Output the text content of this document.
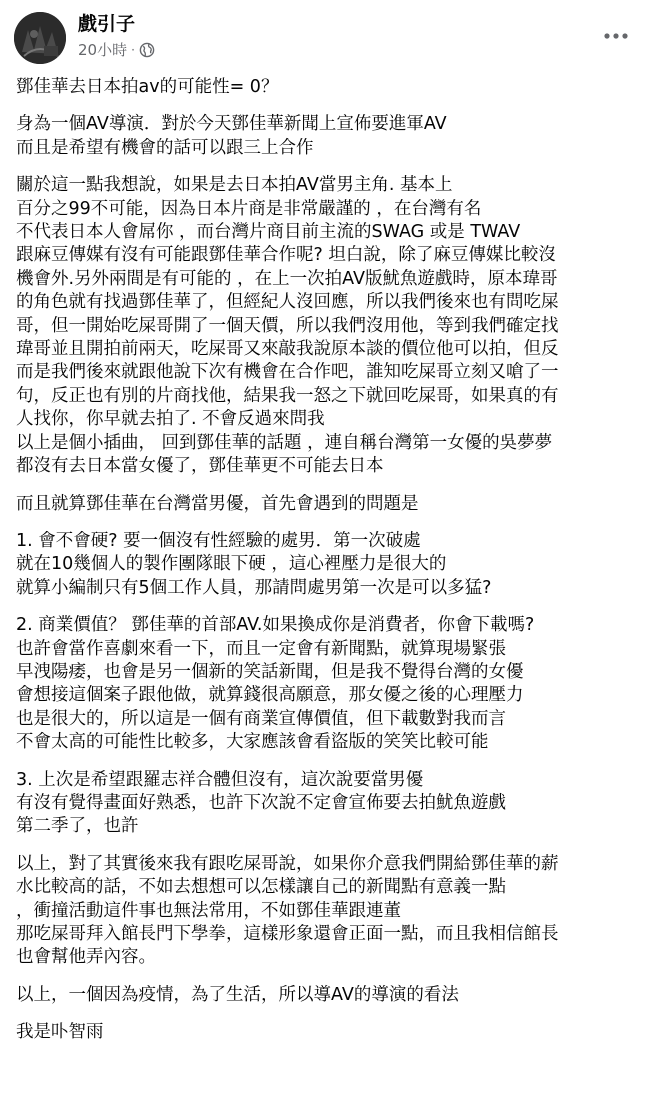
戲引子
20小時 ·
鄧佳華去日本拍av的可能性= 0？
身為一個AV導演．對於今天鄧佳華新聞上宣佈要進軍AV
而且是希望有機會的話可以跟三上合作
關於這一點我想說，如果是去日本拍AV當男主角. 基本上
百分之99不可能，因為日本片商是非常嚴謹的 ，在台灣有名
不代表日本人會屌你 ，而台灣片商目前主流的SWAG 或是 TWAV
跟麻豆傳媒有沒有可能跟鄧佳華合作呢? 坦白說，除了麻豆傳媒比較沒
機會外.另外兩間是有可能的 ，在上一次拍AV版魷魚遊戲時，原本瑋哥
的角色就有找過鄧佳華了，但經紀人沒回應，所以我們後來也有問吃屎
哥，但一開始吃屎哥開了一個天價，所以我們沒用他，等到我們確定找
瑋哥並且開拍前兩天，吃屎哥又來敲我說原本談的價位他可以拍，但反
而是我們後來就跟他說下次有機會在合作吧，誰知吃屎哥立刻又嗆了一
句，反正也有別的片商找他，結果我一怒之下就回吃屎哥，如果真的有
人找你，你早就去拍了. 不會反過來問我
以上是個小插曲， 回到鄧佳華的話題 ，連自稱台灣第一女優的吳夢夢
都沒有去日本當女優了，鄧佳華更不可能去日本
而且就算鄧佳華在台灣當男優，首先會遇到的問題是
1. 會不會硬? 要一個沒有性經驗的處男．第一次破處
就在10幾個人的製作團隊眼下硬 ，這心裡壓力是很大的
就算小編制只有5個工作人員，那請問處男第一次是可以多猛?
2. 商業價值？ 鄧佳華的首部AV.如果換成你是消費者，你會下載嗎?
也許會當作喜劇來看一下，而且一定會有新聞點，就算現場緊張
早洩陽痿，也會是另一個新的笑話新聞，但是我不覺得台灣的女優
會想接這個案子跟他做，就算錢很高願意，那女優之後的心理壓力
也是很大的，所以這是一個有商業宣傳價值，但下載數對我而言
不會太高的可能性比較多，大家應該會看盜版的笑笑比較可能
3. 上次是希望跟羅志祥合體但沒有，這次說要當男優
有沒有覺得畫面好熟悉，也許下次說不定會宣佈要去拍魷魚遊戲
第二季了，也許
以上，對了其實後來我有跟吃屎哥說，如果你介意我們開給鄧佳華的薪
水比較高的話，不如去想想可以怎樣讓自己的新聞點有意義一點
，衝撞活動這件事也無法常用，不如鄧佳華跟連董
那吃屎哥拜入館長門下學拳，這樣形象還會正面一點，而且我相信館長
也會幫他弄內容。
以上，一個因為疫情，為了生活，所以導AV的導演的看法
我是卟智雨
